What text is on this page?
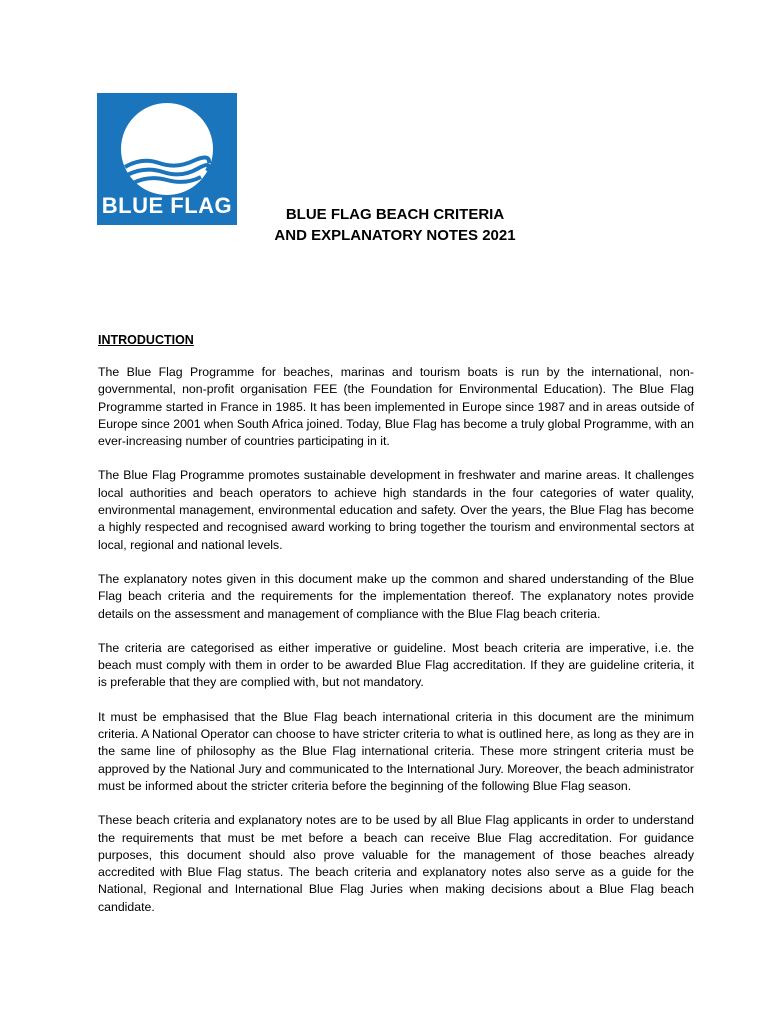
BLUE FLAG	BLUE FLAG BEACH CRITERIA
AND EXPLANATORY NOTES 2021
INTRODUCTION

The Blue Flag Programme for beaches, marinas and tourism boats is run by the international, non-governmental, non-profit organisation FEE (the Foundation for Environmental Education). The Blue Flag Programme started in France in 1985. It has been implemented in Europe since 1987 and in areas outside of Europe since 2001 when South Africa joined. Today, Blue Flag has become a truly global Programme, with an ever-increasing number of countries participating in it.

The Blue Flag Programme promotes sustainable development in freshwater and marine areas. It challenges local authorities and beach operators to achieve high standards in the four categories of water quality, environmental management, environmental education and safety. Over the years, the Blue Flag has become a highly respected and recognised award working to bring together the tourism and environmental sectors at local, regional and national levels.

The explanatory notes given in this document make up the common and shared understanding of the Blue Flag beach criteria and the requirements for the implementation thereof. The explanatory notes provide details on the assessment and management of compliance with the Blue Flag beach criteria.

The criteria are categorised as either imperative or guideline. Most beach criteria are imperative, i.e. the beach must comply with them in order to be awarded Blue Flag accreditation. If they are guideline criteria, it is preferable that they are complied with, but not mandatory.

It must be emphasised that the Blue Flag beach international criteria in this document are the minimum criteria. A National Operator can choose to have stricter criteria to what is outlined here, as long as they are in the same line of philosophy as the Blue Flag international criteria. These more stringent criteria must be approved by the National Jury and communicated to the International Jury. Moreover, the beach administrator must be informed about the stricter criteria before the beginning of the following Blue Flag season.

These beach criteria and explanatory notes are to be used by all Blue Flag applicants in order to understand the requirements that must be met before a beach can receive Blue Flag accreditation. For guidance purposes, this document should also prove valuable for the management of those beaches already accredited with Blue Flag status. The beach criteria and explanatory notes also serve as a guide for the National, Regional and International Blue Flag Juries when making decisions about a Blue Flag beach candidate.
